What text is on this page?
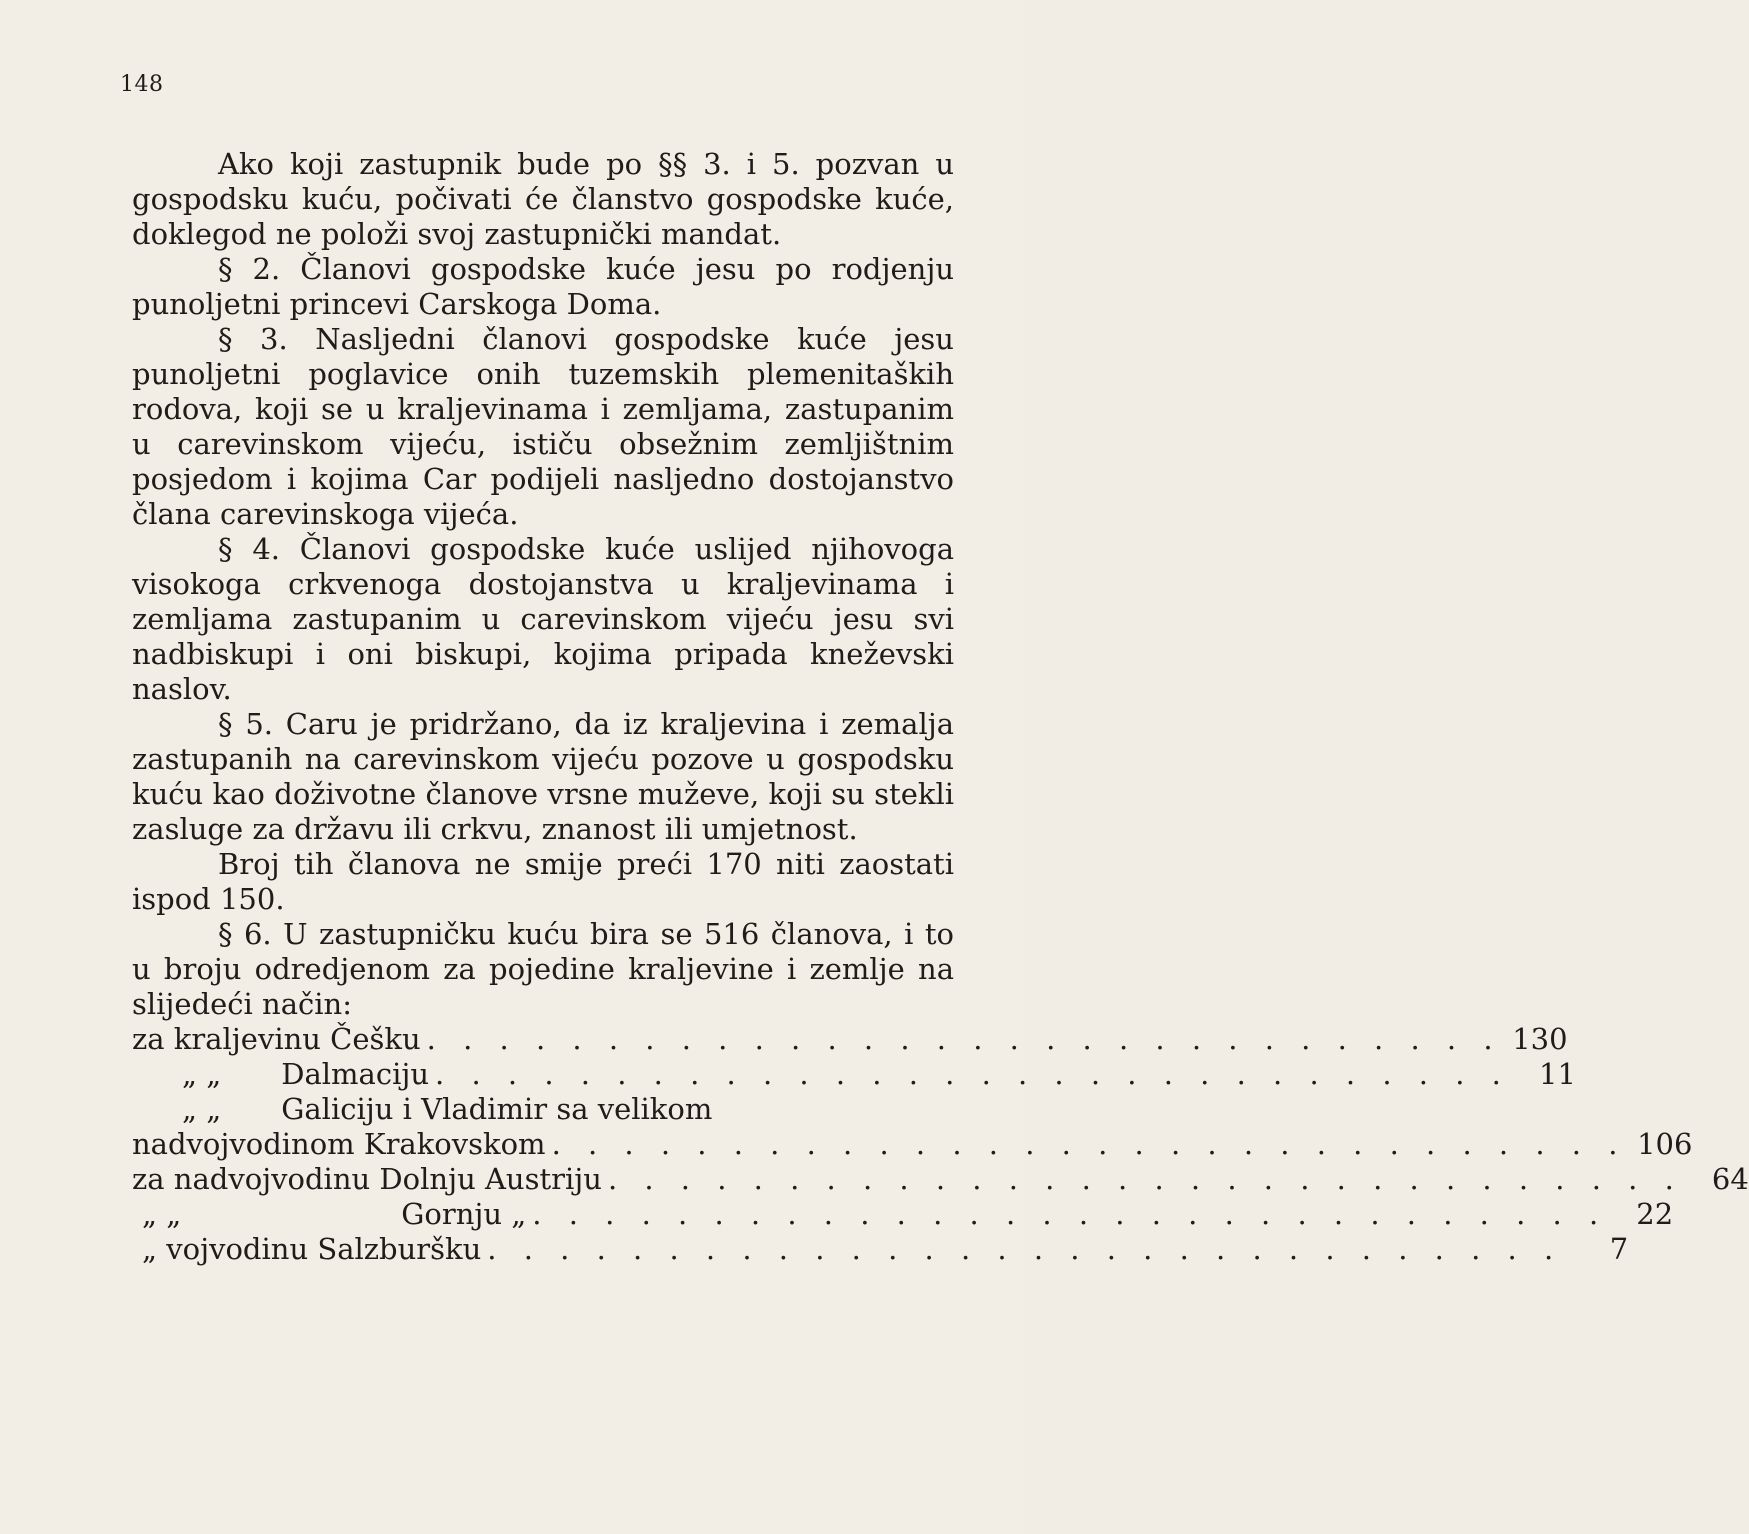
148

Ako koji zastupnik bude po §§ 3. i 5. pozvan u gospodsku kuću, počivati će članstvo gospodske kuće, doklegod ne položi svoj zastupnički mandat.

§ 2. Članovi gospodske kuće jesu po rodjenju punoljetni princevi Carskoga Doma.

§ 3. Nasljedni članovi gospodske kuće jesu punoljetni poglavice onih tuzemskih plemenitaških rodova, koji se u kraljevinama i zemljama, zastupanim u carevinskom vijeću, ističu obsežnim zemljištnim posjedom i kojima Car podijeli nasljedno dostojanstvo člana carevinskoga vijeća.

§ 4. Članovi gospodske kuće uslijed njihovoga visokoga crkvenoga dostojanstva u kraljevinama i zemljama zastupanim u carevinskom vijeću jesu svi nadbiskupi i oni biskupi, kojima pripada kneževski naslov.

§ 5. Caru je pridržano, da iz kraljevina i zemalja zastupanih na carevinskom vijeću pozove u gospodsku kuću kao doživotne članove vrsne muževe, koji su stekli zasluge za državu ili crkvu, znanost ili umjetnost.

Broj tih članova ne smije preći 170 niti zaostati ispod 150.

§ 6. U zastupničku kuću bira se 516 članova, i to u broju odredjenom za pojedine kraljevine i zemlje na slijedeći način:

za kraljevinu Češku . . . . . . . . . . . . . . . . . . . . . . . . . . . . . . 130
„ „ Dalmaciju . . . . . . . . . . . . . . . . . . . . . . . . . . . . . .	11
„ „ Galiciju i Vladimir sa velikom
nadvojvodinom Krakovskom . . . . . . . . . . . . . . . . . . . . . . . . . . . . . . 106
za nadvojvodinu Dolnju Austriju . . . . . . . . . . . . . . . . . . . . . . . . . . . . . .	64
„ „	Gornju „ . . . . . . . . . . . . . . . . . . . . . . . . . . . . . .	22
„ vojvodinu Salzburšku . . . . . . . . . . . . . . . . . . . . . . . . . . . . . .	7
